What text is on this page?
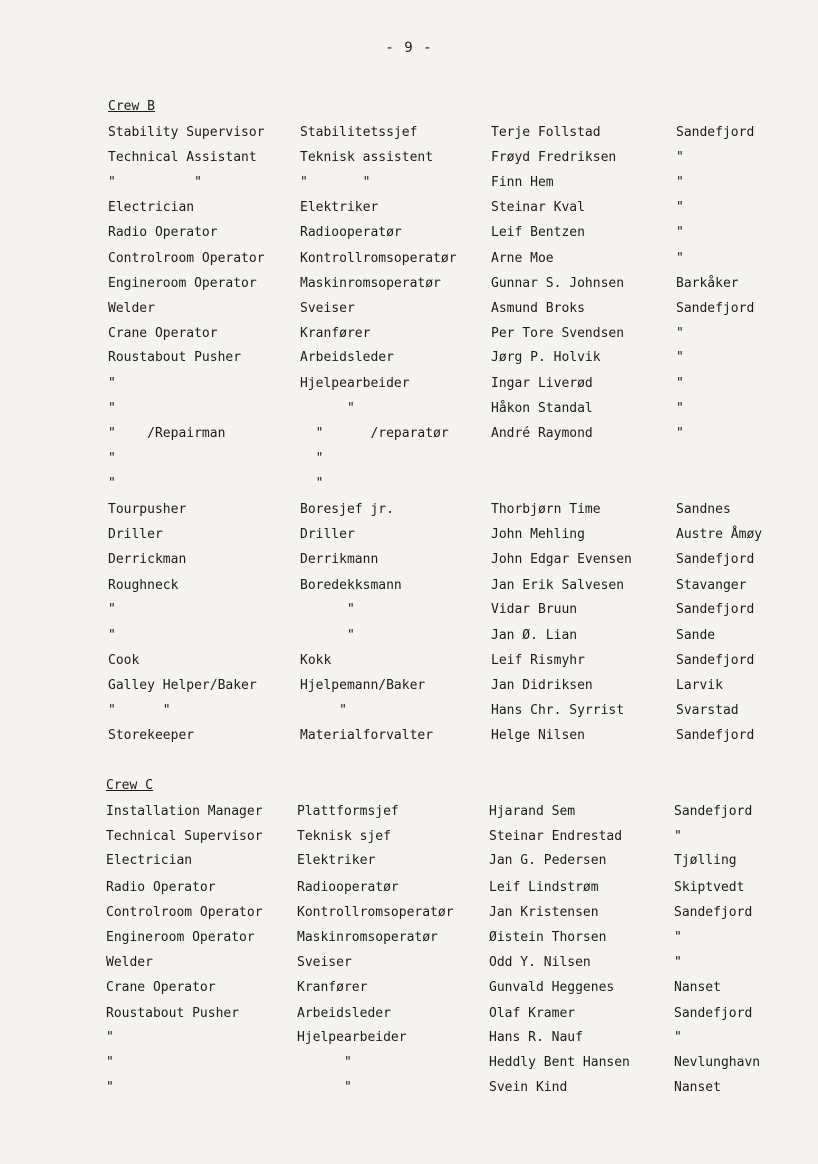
- 9 -
Crew B
Stability Supervisor	Stabilitetssjef	Terje Follstad	Sandefjord
Technical Assistant	Teknisk assistent	Frøyd Fredriksen	"
"          "	"       "	Finn Hem	"
Electrician	Elektriker	Steinar Kval	"
Radio Operator	Radiooperatør	Leif Bentzen	"
Controlroom Operator	Kontrollromsoperatør	Arne Moe	"
Engineroom Operator	Maskinromsoperatør	Gunnar S. Johnsen	Barkåker
Welder	Sveiser	Asmund Broks	Sandefjord
Crane Operator	Kranfører	Per Tore Svendsen	"
Roustabout Pusher	Arbeidsleder	Jørg P. Holvik	"
"	Hjelpearbeider	Ingar Liverød	"
"	"	Håkon Standal	"
"    /Repairman	"      /reparatør	André Raymond	"
"	"
"	"
Tourpusher	Boresjef jr.	Thorbjørn Time	Sandnes
Driller	Driller	John Mehling	Austre Åmøy
Derrickman	Derrikmann	John Edgar Evensen	Sandefjord
Roughneck	Boredekksmann	Jan Erik Salvesen	Stavanger
"	"	Vidar Bruun	Sandefjord
"	"	Jan Ø. Lian	Sande
Cook	Kokk	Leif Rismyhr	Sandefjord
Galley Helper/Baker	Hjelpemann/Baker	Jan Didriksen	Larvik
"      "	"	Hans Chr. Syrrist	Svarstad
Storekeeper	Materialforvalter	Helge Nilsen	Sandefjord
Crew C
Installation Manager	Plattformsjef	Hjarand Sem	Sandefjord
Technical Supervisor	Teknisk sjef	Steinar Endrestad	"
Electrician	Elektriker	Jan G. Pedersen	Tjølling
Radio Operator	Radiooperatør	Leif Lindstrøm	Skiptvedt
Controlroom Operator	Kontrollromsoperatør	Jan Kristensen	Sandefjord
Engineroom Operator	Maskinromsoperatør	Øistein Thorsen	"
Welder	Sveiser	Odd Y. Nilsen	"
Crane Operator	Kranfører	Gunvald Heggenes	Nanset
Roustabout Pusher	Arbeidsleder	Olaf Kramer	Sandefjord
"	Hjelpearbeider	Hans R. Nauf	"
"	"	Heddly Bent Hansen	Nevlunghavn
"	"	Svein Kind	Nanset
